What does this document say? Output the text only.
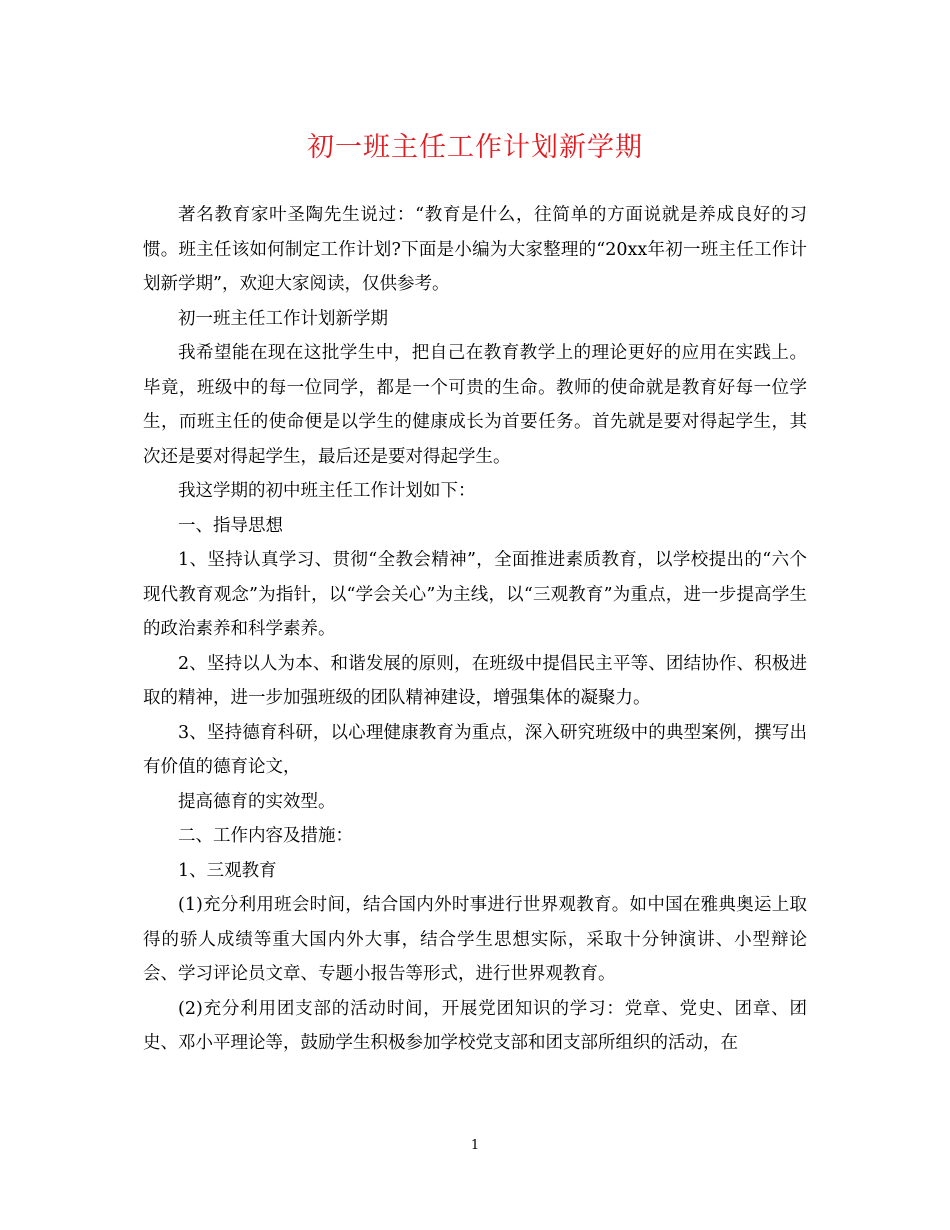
初一班主任工作计划新学期

著名教育家叶圣陶先生说过：“教育是什么，往简单的方面说就是养成良好的习惯。班主任该如何制定工作计划?下面是小编为大家整理的“20xx年初一班主任工作计划新学期”，欢迎大家阅读，仅供参考。

初一班主任工作计划新学期

我希望能在现在这批学生中，把自己在教育教学上的理论更好的应用在实践上。毕竟，班级中的每一位同学，都是一个可贵的生命。教师的使命就是教育好每一位学生，而班主任的使命便是以学生的健康成长为首要任务。首先就是要对得起学生，其次还是要对得起学生，最后还是要对得起学生。

我这学期的初中班主任工作计划如下：

一、指导思想

1、坚持认真学习、贯彻“全教会精神”，全面推进素质教育，以学校提出的“六个现代教育观念”为指针，以“学会关心”为主线，以“三观教育”为重点，进一步提高学生的政治素养和科学素养。

2、坚持以人为本、和谐发展的原则，在班级中提倡民主平等、团结协作、积极进取的精神，进一步加强班级的团队精神建设，增强集体的凝聚力。

3、坚持德育科研，以心理健康教育为重点，深入研究班级中的典型案例，撰写出有价值的德育论文，

提高德育的实效型。

二、工作内容及措施：

1、三观教育

(1)充分利用班会时间，结合国内外时事进行世界观教育。如中国在雅典奥运上取得的骄人成绩等重大国内外大事，结合学生思想实际，采取十分钟演讲、小型辩论会、学习评论员文章、专题小报告等形式，进行世界观教育。

(2)充分利用团支部的活动时间，开展党团知识的学习：党章、党史、团章、团史、邓小平理论等，鼓励学生积极参加学校党支部和团支部所组织的活动，在

1
